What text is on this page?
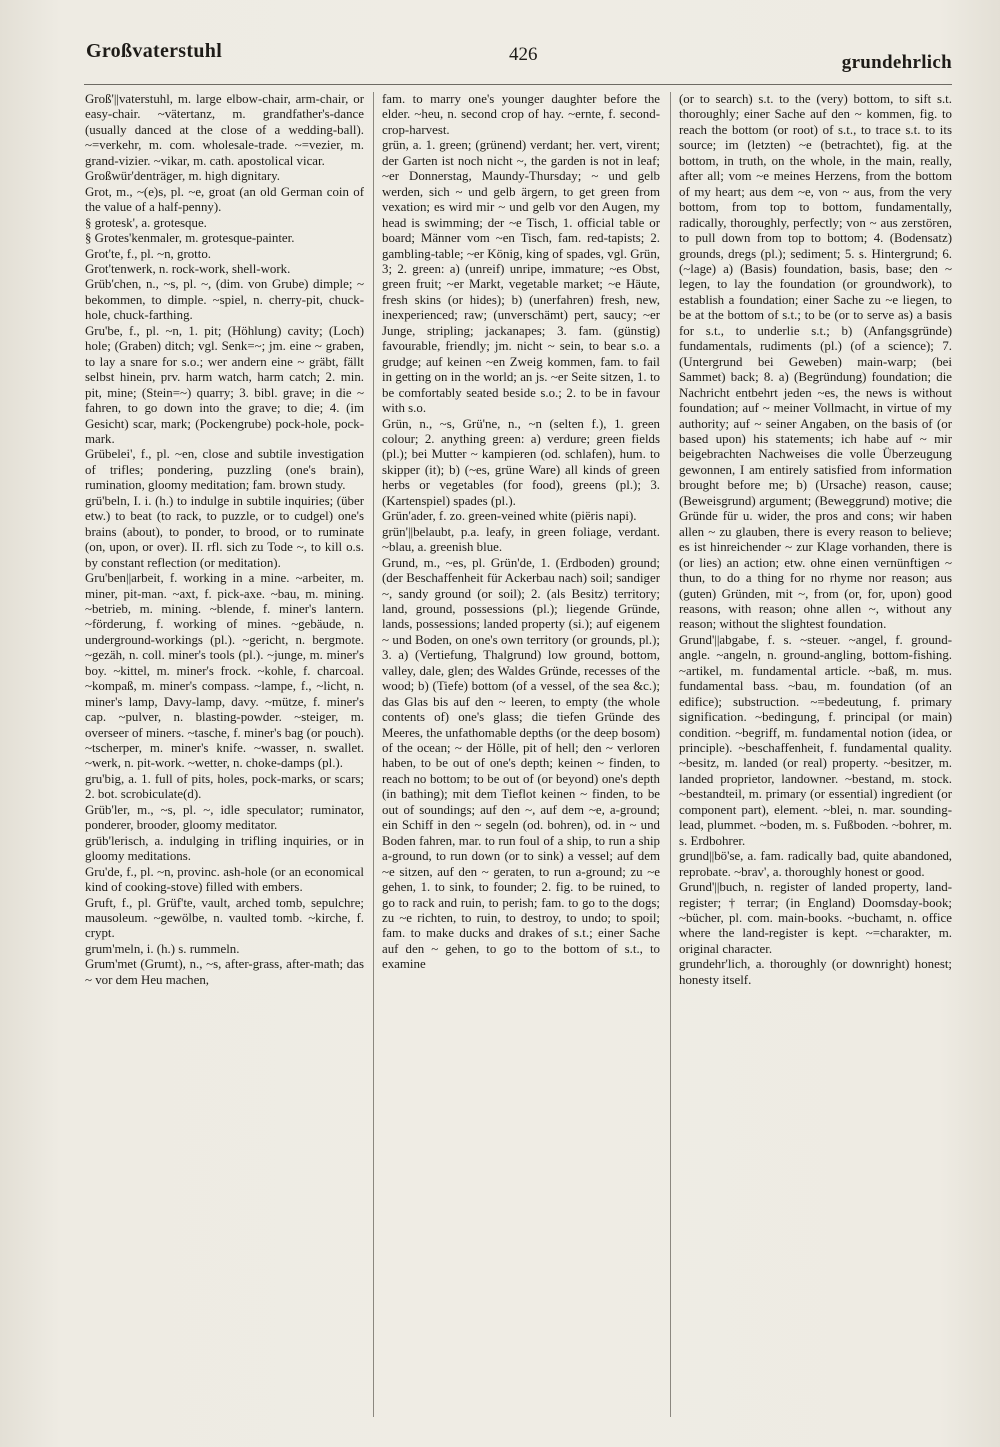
Großvaterstuhl	426	grundehrlich
Groß'||vaterstuhl, m. large elbow-chair, arm-chair, or easy-chair. ~vätertanz, m. grandfather's-dance (usually danced at the close of a wedding-ball). ~=verkehr, m. com. wholesale-trade. ~=vezier, m. grand-vizier. ~vikar, m. cath. apostolical vicar.
Großwür'denträger, m. high dignitary.
Grot, m., ~(e)s, pl. ~e, groat (an old German coin of the value of a half-penny).
§ grotesk', a. grotesque.
§ Grotes'kenmaler, m. grotesque-painter.
Grot'te, f., pl. ~n, grotto.
Grot'tenwerk, n. rock-work, shell-work.
Grüb'chen, n., ~s, pl. ~, (dim. von Grube) dimple; ~ bekommen, to dimple. ~spiel, n. cherry-pit, chuck-hole, chuck-farthing.
Gru'be, f., pl. ~n, 1. pit; (Höhlung) cavity; (Loch) hole; (Graben) ditch; vgl. Senk=~; jm. eine ~ graben, to lay a snare for s.o.; wer andern eine ~ gräbt, fällt selbst hinein, prv. harm watch, harm catch; 2. min. pit, mine; (Stein=~) quarry; 3. bibl. grave; in die ~ fahren, to go down into the grave; to die; 4. (im Gesicht) scar, mark; (Pockengrube) pock-hole, pock-mark.
Grübelei', f., pl. ~en, close and subtile investigation of trifles; pondering, puzzling (one's brain), rumination, gloomy meditation; fam. brown study.
grü'beln, I. i. (h.) to indulge in subtile inquiries; (über etw.) to beat (to rack, to puzzle, or to cudgel) one's brains (about), to ponder, to brood, or to ruminate (on, upon, or over). II. rfl. sich zu Tode ~, to kill o.s. by constant reflection (or meditation).
Gru'ben||arbeit, f. working in a mine. ~arbeiter, m. miner, pit-man. ~axt, f. pick-axe. ~bau, m. mining. ~betrieb, m. mining. ~blende, f. miner's lantern. ~förderung, f. working of mines. ~gebäude, n. underground-workings (pl.). ~gericht, n. bergmote. ~gezäh, n. coll. miner's tools (pl.). ~junge, m. miner's boy. ~kittel, m. miner's frock. ~kohle, f. charcoal. ~kompaß, m. miner's compass. ~lampe, f., ~licht, n. miner's lamp, Davy-lamp, davy. ~mütze, f. miner's cap. ~pulver, n. blasting-powder. ~steiger, m. overseer of miners. ~tasche, f. miner's bag (or pouch). ~tscherper, m. miner's knife. ~wasser, n. swallet. ~werk, n. pit-work. ~wetter, n. choke-damps (pl.).
gru'big, a. 1. full of pits, holes, pock-marks, or scars; 2. bot. scrobiculate(d).
Grüb'ler, m., ~s, pl. ~, idle speculator; ruminator, ponderer, brooder, gloomy meditator.
grüb'lerisch, a. indulging in trifling inquiries, or in gloomy meditations.
Gru'de, f., pl. ~n, provinc. ash-hole (or an economical kind of cooking-stove) filled with embers.
Gruft, f., pl. Grüf'te, vault, arched tomb, sepulchre; mausoleum. ~gewölbe, n. vaulted tomb. ~kirche, f. crypt.
grum'meln, i. (h.) s. rummeln.
Grum'met (Grumt), n., ~s, after-grass, after-math; das ~ vor dem Heu machen,
fam. to marry one's younger daughter before the elder. ~heu, n. second crop of hay. ~ernte, f. second-crop-harvest.
grün, a. 1. green; (grünend) verdant; her. vert, virent; der Garten ist noch nicht ~, the garden is not in leaf; ~er Donnerstag, Maundy-Thursday; ~ und gelb werden, sich ~ und gelb ärgern, to get green from vexation; es wird mir ~ und gelb vor den Augen, my head is swimming; der ~e Tisch, 1. official table or board; Männer vom ~en Tisch, fam. red-tapists; 2. gambling-table; ~er König, king of spades, vgl. Grün, 3; 2. green: a) (unreif) unripe, immature; ~es Obst, green fruit; ~er Markt, vegetable market; ~e Häute, fresh skins (or hides); b) (unerfahren) fresh, new, inexperienced; raw; (unverschämt) pert, saucy; ~er Junge, stripling; jackanapes; 3. fam. (günstig) favourable, friendly; jm. nicht ~ sein, to bear s.o. a grudge; auf keinen ~en Zweig kommen, fam. to fail in getting on in the world; an js. ~er Seite sitzen, 1. to be comfortably seated beside s.o.; 2. to be in favour with s.o.
Grün, n., ~s, Grü'ne, n., ~n (selten f.), 1. green colour; 2. anything green: a) verdure; green fields (pl.); bei Mutter ~ kampieren (od. schlafen), hum. to skipper (it); b) (~es, grüne Ware) all kinds of green herbs or vegetables (for food), greens (pl.); 3. (Kartenspiel) spades (pl.).
Grün'ader, f. zo. green-veined white (piëris napi).
grün'||belaubt, p.a. leafy, in green foliage, verdant. ~blau, a. greenish blue.
Grund, m., ~es, pl. Grün'de, 1. (Erdboden) ground; (der Beschaffenheit für Ackerbau nach) soil; sandiger ~, sandy ground (or soil); 2. (als Besitz) territory; land, ground, possessions (pl.); liegende Gründe, lands, possessions; landed property (si.); auf eigenem ~ und Boden, on one's own territory (or grounds, pl.); 3. a) (Vertiefung, Thalgrund) low ground, bottom, valley, dale, glen; des Waldes Gründe, recesses of the wood; b) (Tiefe) bottom (of a vessel, of the sea &c.); das Glas bis auf den ~ leeren, to empty (the whole contents of) one's glass; die tiefen Gründe des Meeres, the unfathomable depths (or the deep bosom) of the ocean; ~ der Hölle, pit of hell; den ~ verloren haben, to be out of one's depth; keinen ~ finden, to reach no bottom; to be out of (or beyond) one's depth (in bathing); mit dem Tieflot keinen ~ finden, to be out of soundings; auf den ~, auf dem ~e, a-ground; ein Schiff in den ~ segeln (od. bohren), od. in ~ und Boden fahren, mar. to run foul of a ship, to run a ship a-ground, to run down (or to sink) a vessel; auf dem ~e sitzen, auf den ~ geraten, to run a-ground; zu ~e gehen, 1. to sink, to founder; 2. fig. to be ruined, to go to rack and ruin, to perish; fam. to go to the dogs; zu ~e richten, to ruin, to destroy, to undo; to spoil; fam. to make ducks and drakes of s.t.; einer Sache auf den ~ gehen, to go to the bottom of s.t., to examine
(or to search) s.t. to the (very) bottom, to sift s.t. thoroughly; einer Sache auf den ~ kommen, fig. to reach the bottom (or root) of s.t., to trace s.t. to its source; im (letzten) ~e (betrachtet), fig. at the bottom, in truth, on the whole, in the main, really, after all; vom ~e meines Herzens, from the bottom of my heart; aus dem ~e, von ~ aus, from the very bottom, from top to bottom, fundamentally, radically, thoroughly, perfectly; von ~ aus zerstören, to pull down from top to bottom; 4. (Bodensatz) grounds, dregs (pl.); sediment; 5. s. Hintergrund; 6. (~lage) a) (Basis) foundation, basis, base; den ~ legen, to lay the foundation (or groundwork), to establish a foundation; einer Sache zu ~e liegen, to be at the bottom of s.t.; to be (or to serve as) a basis for s.t., to underlie s.t.; b) (Anfangsgründe) fundamentals, rudiments (pl.) (of a science); 7. (Untergrund bei Geweben) main-warp; (bei Sammet) back; 8. a) (Begründung) foundation; die Nachricht entbehrt jeden ~es, the news is without foundation; auf ~ meiner Vollmacht, in virtue of my authority; auf ~ seiner Angaben, on the basis of (or based upon) his statements; ich habe auf ~ mir beigebrachten Nachweises die volle Überzeugung gewonnen, I am entirely satisfied from information brought before me; b) (Ursache) reason, cause; (Beweisgrund) argument; (Beweggrund) motive; die Gründe für u. wider, the pros and cons; wir haben allen ~ zu glauben, there is every reason to believe; es ist hinreichender ~ zur Klage vorhanden, there is (or lies) an action; etw. ohne einen vernünftigen ~ thun, to do a thing for no rhyme nor reason; aus (guten) Gründen, mit ~, from (or, for, upon) good reasons, with reason; ohne allen ~, without any reason; without the slightest foundation.
Grund'||abgabe, f. s. ~steuer. ~angel, f. ground-angle. ~angeln, n. ground-angling, bottom-fishing. ~artikel, m. fundamental article. ~baß, m. mus. fundamental bass. ~bau, m. foundation (of an edifice); substruction. ~=bedeutung, f. primary signification. ~bedingung, f. principal (or main) condition. ~begriff, m. fundamental notion (idea, or principle). ~beschaffenheit, f. fundamental quality. ~besitz, m. landed (or real) property. ~besitzer, m. landed proprietor, landowner. ~bestand, m. stock. ~bestandteil, m. primary (or essential) ingredient (or component part), element. ~blei, n. mar. sounding-lead, plummet. ~boden, m. s. Fußboden. ~bohrer, m. s. Erdbohrer.
grund||bö'se, a. fam. radically bad, quite abandoned, reprobate. ~brav', a. thoroughly honest or good.
Grund'||buch, n. register of landed property, land-register; † terrar; (in England) Doomsday-book; ~bücher, pl. com. main-books. ~buchamt, n. office where the land-register is kept. ~=charakter, m. original character.
grundehr'lich, a. thoroughly (or downright) honest; honesty itself.
